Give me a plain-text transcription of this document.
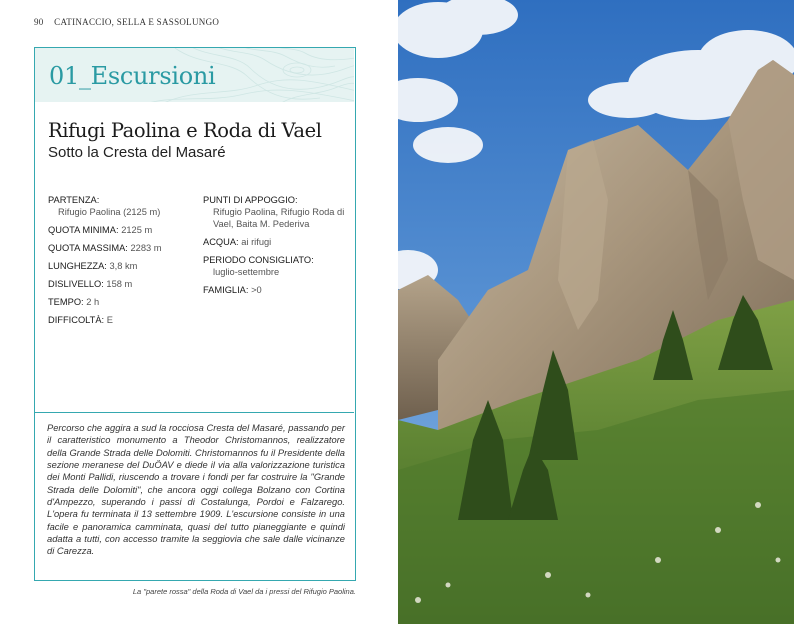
90 CATINACCIO, SELLA E SASSOLUNGO
01_Escursioni
Rifugi Paolina e Roda di Vael
Sotto la Cresta del Masaré
PARTENZA:
Rifugio Paolina (2125 m)
QUOTA MINIMA: 2125 m
QUOTA MASSIMA: 2283 m
LUNGHEZZA: 3,8 km
DISLIVELLO: 158 m
TEMPO: 2 h
DIFFICOLTÀ: E
PUNTI DI APPOGGIO:
Rifugio Paolina, Rifugio Roda di Vael, Baita M. Pederiva
ACQUA: ai rifugi
PERIODO CONSIGLIATO:
luglio-settembre
FAMIGLIA: >0
Percorso che aggira a sud la rocciosa Cresta del Masaré, passando per il caratteristico monumento a Theodor Christomannos, realizzatore della Grande Strada delle Dolomiti. Christomannos fu il Presidente della sezione meranese del DuÖAV e diede il via alla valorizzazione turistica dei Monti Pallidi, riuscendo a trovare i fondi per far costruire la "Grande Strada delle Dolomiti", che ancora oggi collega Bolzano con Cortina d'Ampezzo, superando i passi di Costalunga, Pordoi e Falzarego. L'opera fu terminata il 13 settembre 1909. L'escursione consiste in una facile e panoramica camminata, quasi del tutto pianeggiante e quindi adatta a tutti, con accesso tramite la seggiovia che sale dalle vicinanze di Carezza.
La "parete rossa" della Roda di Vael da i pressi del Rifugio Paolina.
